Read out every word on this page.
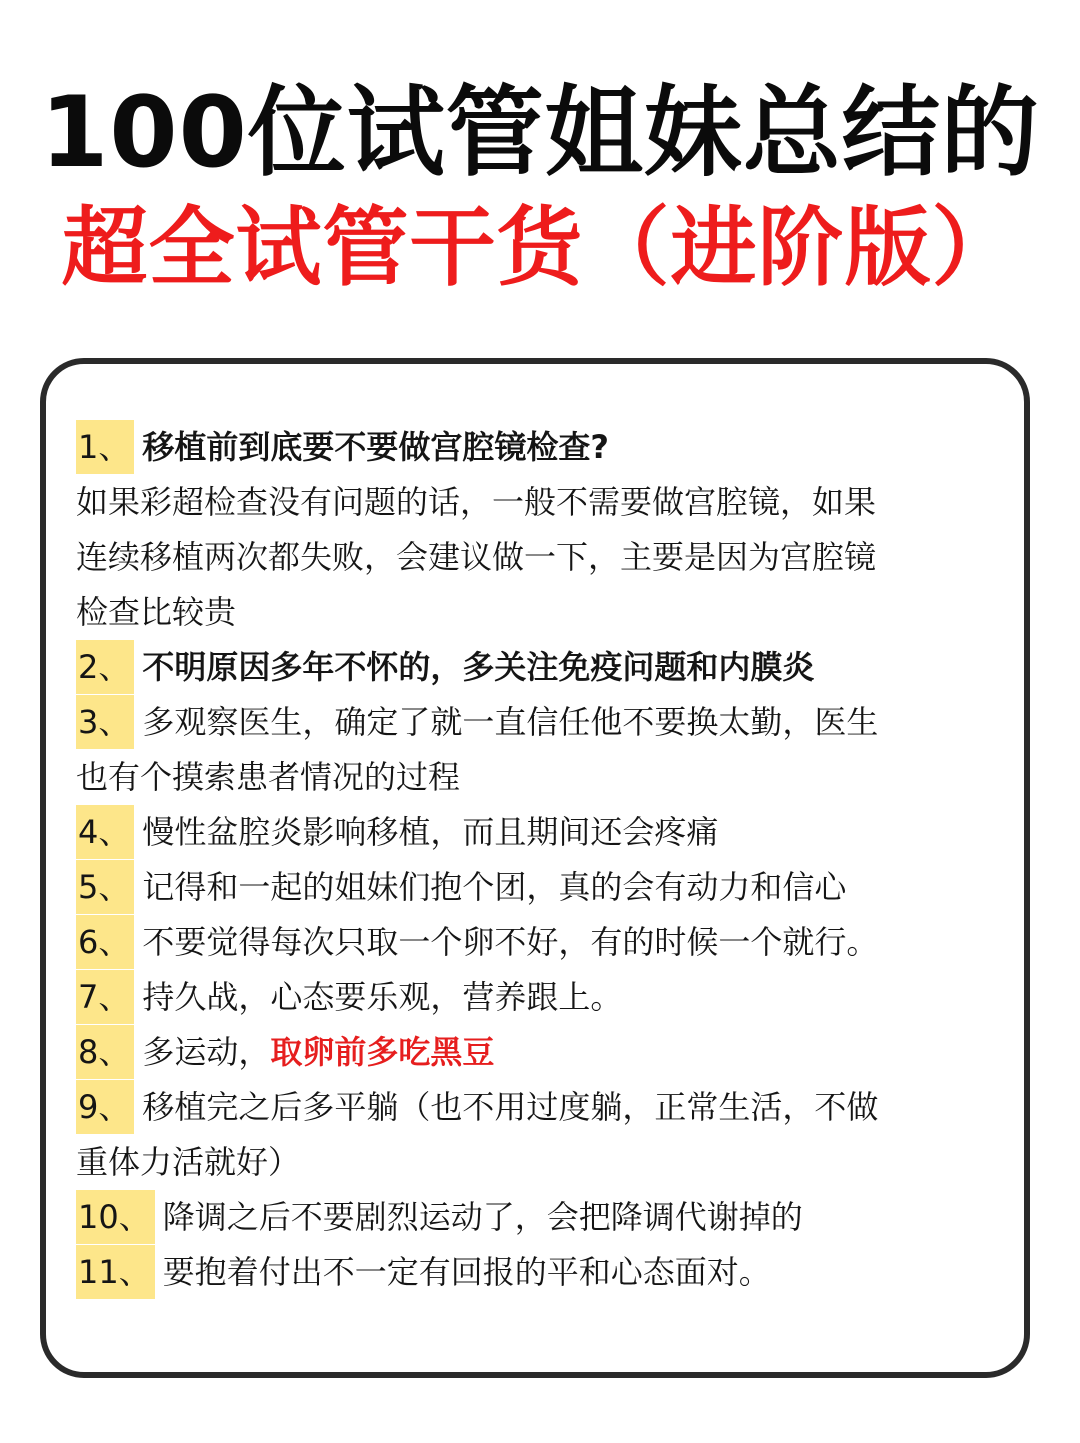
100位试管姐妹总结的
超全试管干货（进阶版）
1、 移植前到底要不要做宫腔镜检查?
如果彩超检查没有问题的话，一般不需要做宫腔镜，如果
连续移植两次都失败，会建议做一下，主要是因为宫腔镜
检查比较贵
2、 不明原因多年不怀的，多关注免疫问题和内膜炎
3、 多观察医生，确定了就一直信任他不要换太勤，医生
也有个摸索患者情况的过程
4、 慢性盆腔炎影响移植，而且期间还会疼痛
5、 记得和一起的姐妹们抱个团，真的会有动力和信心
6、 不要觉得每次只取一个卵不好，有的时候一个就行。
7、 持久战，心态要乐观，营养跟上。
8、 多运动，取卵前多吃黑豆
9、 移植完之后多平躺（也不用过度躺，正常生活，不做
重体力活就好）
10、 降调之后不要剧烈运动了，会把降调代谢掉的
11、 要抱着付出不一定有回报的平和心态面对。
